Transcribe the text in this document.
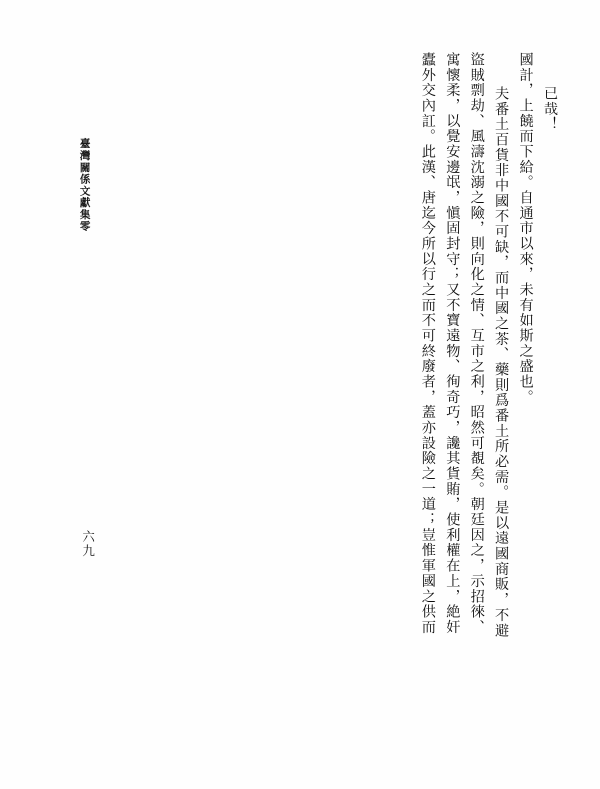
已哉！
國計，上饒而下給。自通市以來，未有如斯之盛也。
夫番土百貨非中國不可缺，而中國之茶、藥則爲番土所必需。是以遠國商販，不避
盜賊剽劫、風濤沈溺之險，則向化之情、互市之利，昭然可覩矣。朝廷因之，示招徠、
寓懷柔，以覺安邊氓，愼固封守；又不寶遠物、徇奇巧，讒其貨賄，使利權在上，絶奸
蠹外交內訌。此漢、唐迄今所以行之而不可終廢者，蓋亦設險之一道；豈惟軍國之供而
臺灣關係文獻集零
六九
